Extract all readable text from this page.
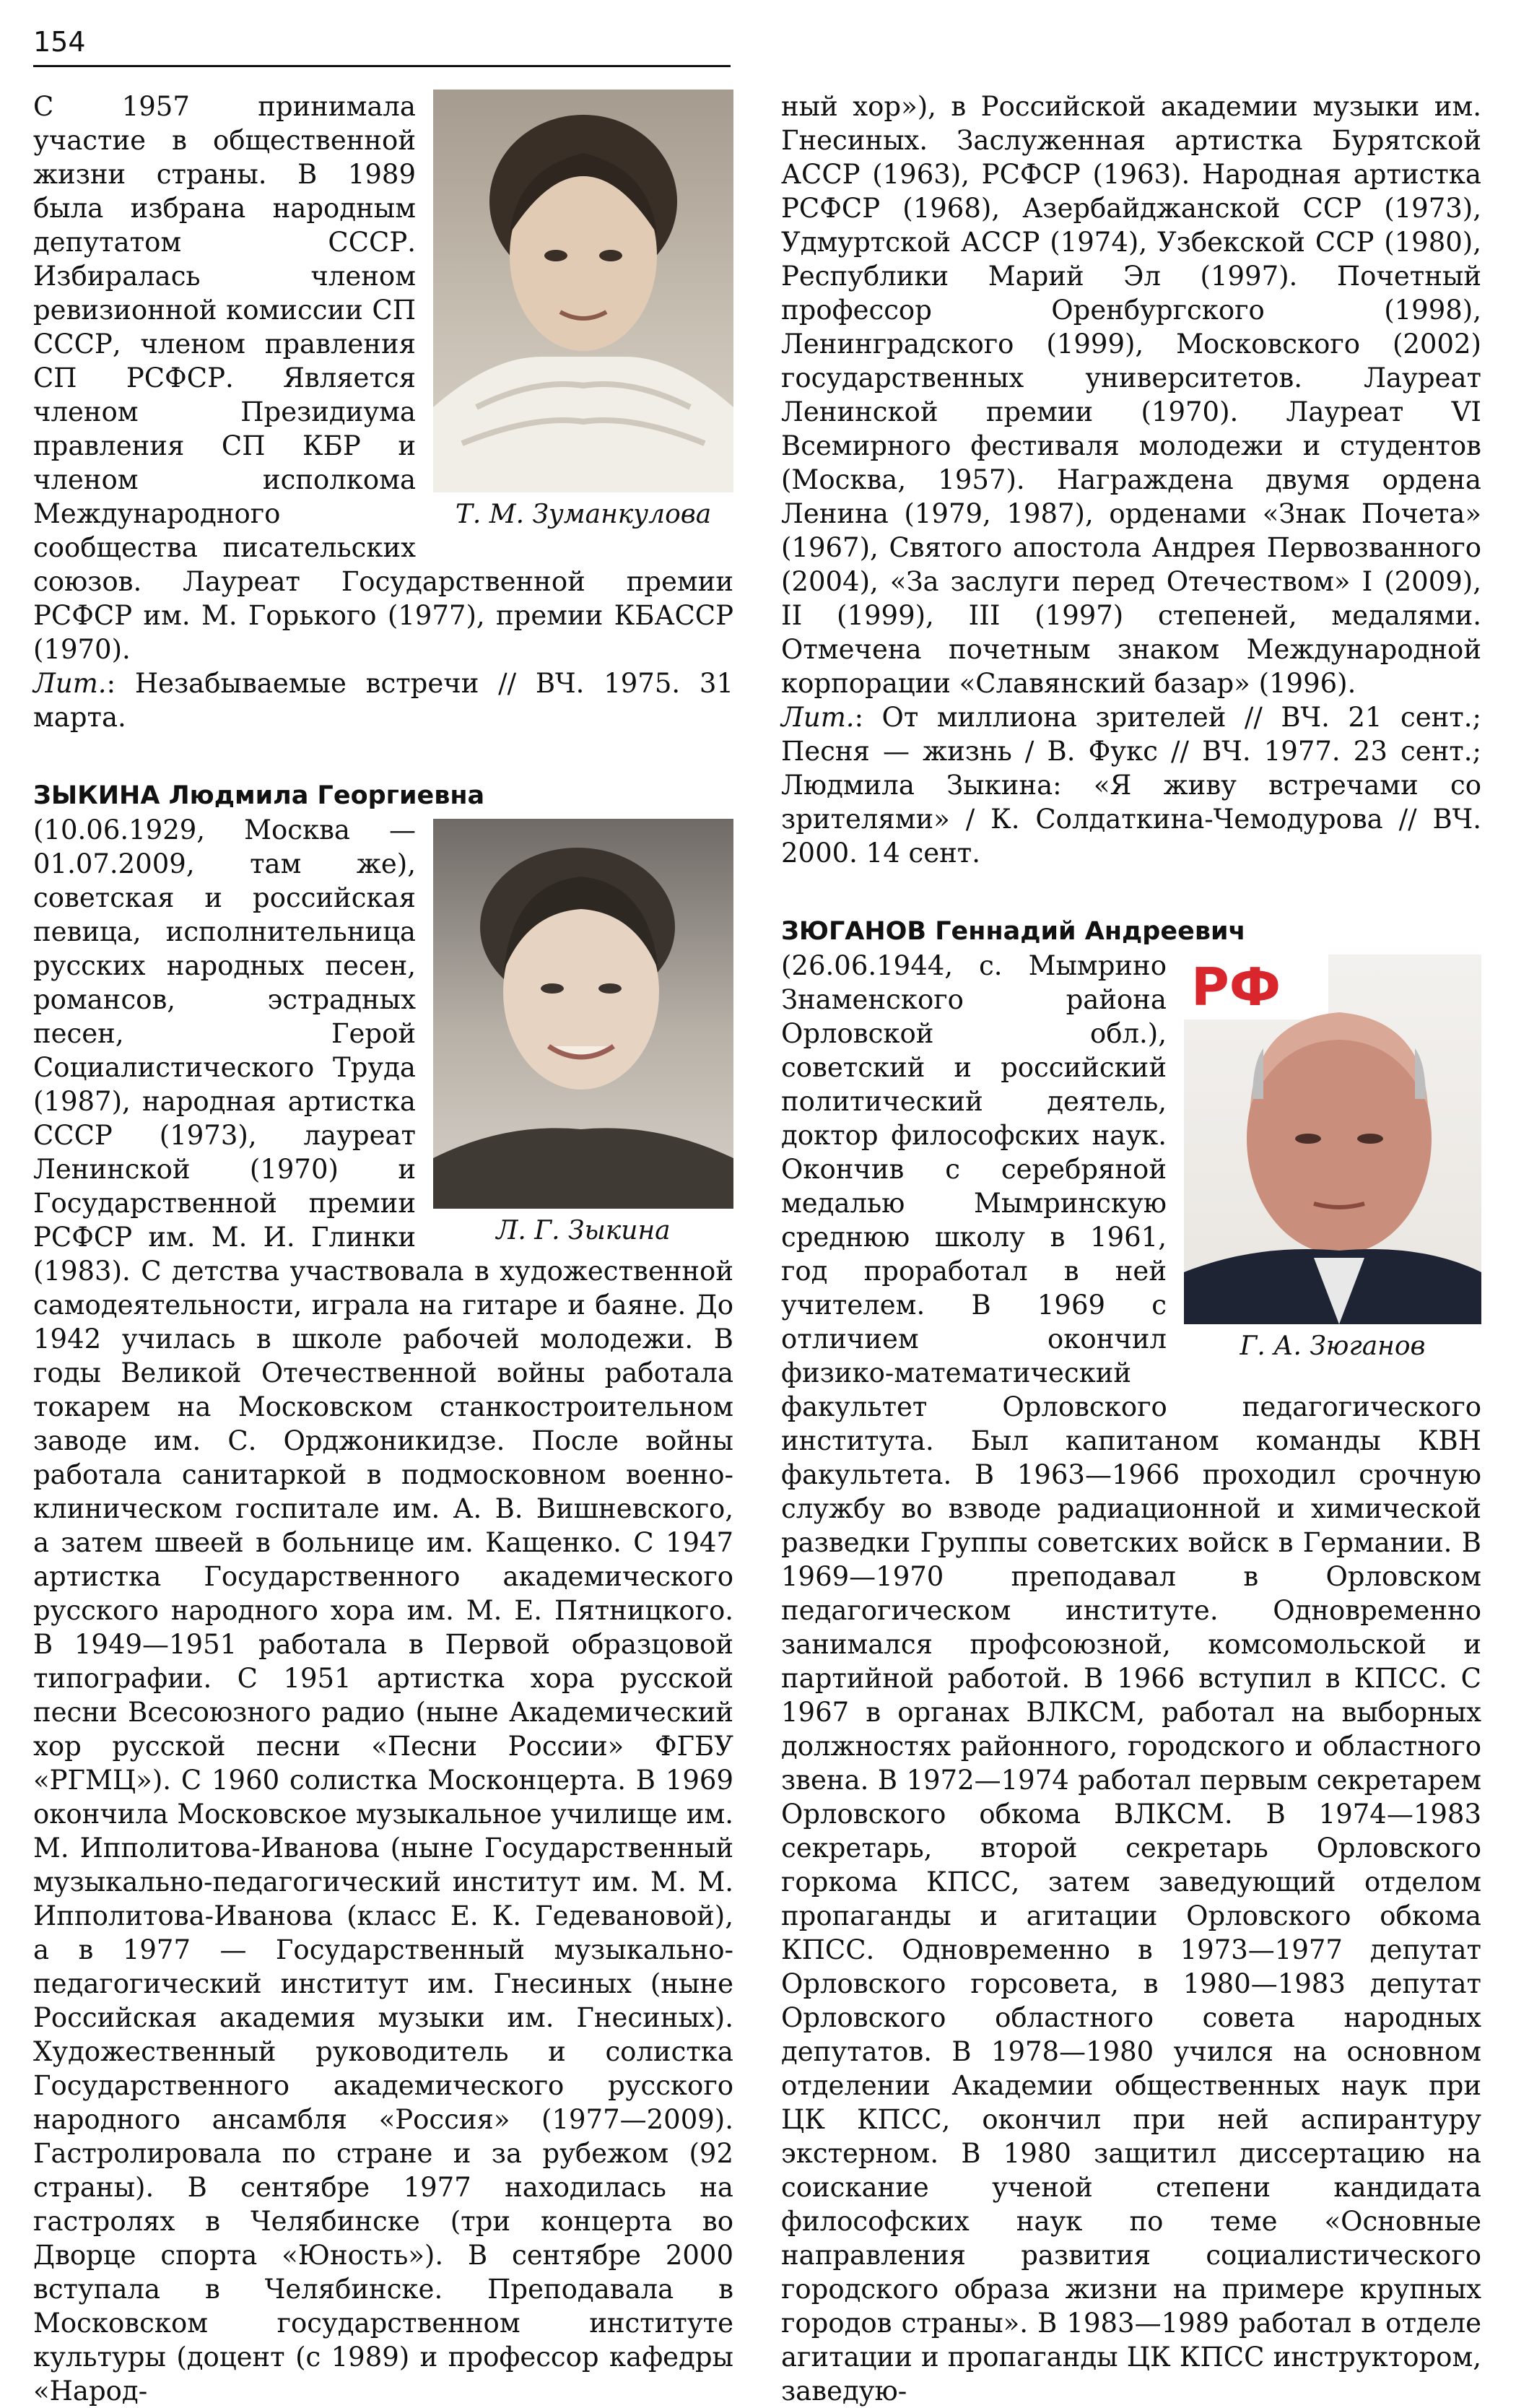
154
Т. М. Зуманкулова

С 1957 принимала участие в общественной жизни страны. В 1989 была избрана народным депутатом СССР. Избиралась членом ревизионной комиссии СП СССР, членом правления СП РСФСР. Является членом Президиума правления СП КБР и членом исполкома Международного сообщества писательских союзов. Лауреат Государственной премии РСФСР им. М. Горького (1977), премии КБАССР (1970).

Лит.: Незабываемые встречи // ВЧ. 1975. 31 марта.

ЗЫКИНА Людмила Георгиевна

Л. Г. Зыкина

(10.06.1929, Москва — 01.07.2009, там же), советская и российская певица, исполнительница русских народных песен, романсов, эстрадных песен, Герой Социалистического Труда (1987), народная артистка СССР (1973), лауреат Ленинской (1970) и Государственной премии РСФСР им. М. И. Глинки (1983). С детства участвовала в художественной самодеятельности, играла на гитаре и баяне. До 1942 училась в школе рабочей молодежи. В годы Великой Отечественной войны работала токарем на Московском станкостроительном заводе им. С. Орджоникидзе. После войны работала санитаркой в подмосковном военно-клиническом госпитале им. А. В. Вишневского, а затем швеей в больнице им. Кащенко. С 1947 артистка Государственного академического русского народного хора им. М. Е. Пятницкого. В 1949—1951 работала в Первой образцовой типографии. С 1951 артистка хора русской песни Всесоюзного радио (ныне Академический хор русской песни «Песни России» ФГБУ «РГМЦ»). С 1960 солистка Москонцерта. В 1969 окончила Московское музыкальное училище им. М. Ипполитова-Иванова (ныне Государственный музыкально-педагогический институт им. М. М. Ипполитова-Иванова (класс Е. К. Гедевановой), а в 1977 — Государственный музыкально-педагогический институт им. Гнесиных (ныне Российская академия музыки им. Гнесиных). Художественный руководитель и солистка Государственного академического русского народного ансамбля «Россия» (1977—2009). Гастролировала по стране и за рубежом (92 страны). В сентябре 1977 находилась на гастролях в Челябинске (три концерта во Дворце спорта «Юность»). В сентябре 2000 вступала в Челябинске. Преподавала в Московском государственном институте культуры (доцент (с 1989) и профессор кафедры «Народ-

ный хор»), в Российской академии музыки им. Гнесиных. Заслуженная артистка Бурятской АССР (1963), РСФСР (1963). Народная артистка РСФСР (1968), Азербайджанской ССР (1973), Удмуртской АССР (1974), Узбекской ССР (1980), Республики Марий Эл (1997). Почетный профессор Оренбургского (1998), Ленинградского (1999), Московского (2002) государственных университетов. Лауреат Ленинской премии (1970). Лауреат VI Всемирного фестиваля молодежи и студентов (Москва, 1957). Награждена двумя ордена Ленина (1979, 1987), орденами «Знак Почета» (1967), Святого апостола Андрея Первозванного (2004), «За заслуги перед Отечеством» I (2009), II (1999), III (1997) степеней, медалями. Отмечена почетным знаком Международной корпорации «Славянский базар» (1996).

Лит.: От миллиона зрителей // ВЧ. 21 сент.; Песня — жизнь / В. Фукс // ВЧ. 1977. 23 сент.; Людмила Зыкина: «Я живу встречами со зрителями» / К. Солдаткина-Чемодурова // ВЧ. 2000. 14 сент.

ЗЮГАНОВ Геннадий Андреевич

РФ
Г. А. Зюганов

(26.06.1944, с. Мымрино Знаменского района Орловской обл.), советский и российский политический деятель, доктор философских наук. Окончив с серебряной медалью Мымринскую среднюю школу в 1961, год проработал в ней учителем. В 1969 с отличием окончил физико-математический факультет Орловского педагогического института. Был капитаном команды КВН факультета. В 1963—1966 проходил срочную службу во взводе радиационной и химической разведки Группы советских войск в Германии. В 1969—1970 преподавал в Орловском педагогическом институте. Одновременно занимался профсоюзной, комсомольской и партийной работой. В 1966 вступил в КПСС. С 1967 в органах ВЛКСМ, работал на выборных должностях районного, городского и областного звена. В 1972—1974 работал первым секретарем Орловского обкома ВЛКСМ. В 1974—1983 секретарь, второй секретарь Орловского горкома КПСС, затем заведующий отделом пропаганды и агитации Орловского обкома КПСС. Одновременно в 1973—1977 депутат Орловского горсовета, в 1980—1983 депутат Орловского областного совета народных депутатов. В 1978—1980 учился на основном отделении Академии общественных наук при ЦК КПСС, окончил при ней аспирантуру экстерном. В 1980 защитил диссертацию на соискание ученой степени кандидата философских наук по теме «Основные направления развития социалистического городского образа жизни на примере крупных городов страны». В 1983—1989 работал в отделе агитации и пропаганды ЦК КПСС инструктором, заведую-
